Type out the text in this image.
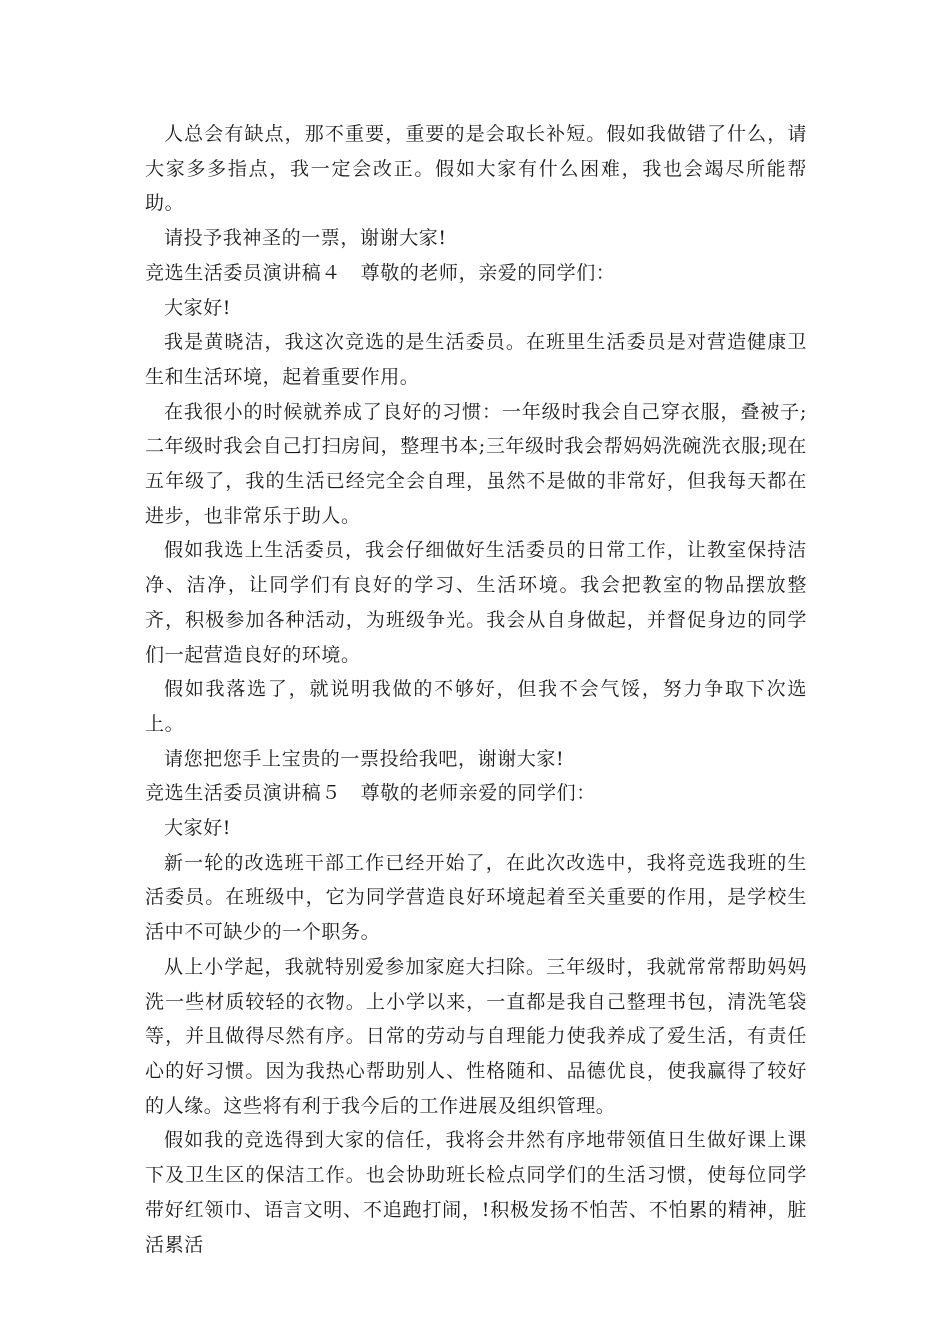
人总会有缺点，那不重要，重要的是会取长补短。假如我做错了什么，请大家多多指点，我一定会改正。假如大家有什么困难，我也会竭尽所能帮助。

请投予我神圣的一票，谢谢大家!

竞选生活委员演讲稿４　尊敬的老师，亲爱的同学们：

大家好!

我是黄晓洁，我这次竞选的是生活委员。在班里生活委员是对营造健康卫生和生活环境，起着重要作用。

在我很小的时候就养成了良好的习惯：一年级时我会自己穿衣服，叠被子;二年级时我会自己打扫房间，整理书本;三年级时我会帮妈妈洗碗洗衣服;现在五年级了，我的生活已经完全会自理，虽然不是做的非常好，但我每天都在进步，也非常乐于助人。

假如我选上生活委员，我会仔细做好生活委员的日常工作，让教室保持洁净、洁净，让同学们有良好的学习、生活环境。我会把教室的物品摆放整齐，积极参加各种活动，为班级争光。我会从自身做起，并督促身边的同学们一起营造良好的环境。

假如我落选了，就说明我做的不够好，但我不会气馁，努力争取下次选上。

请您把您手上宝贵的一票投给我吧，谢谢大家!

竞选生活委员演讲稿５　尊敬的老师亲爱的同学们：

大家好!

新一轮的改选班干部工作已经开始了，在此次改选中，我将竞选我班的生活委员。在班级中，它为同学营造良好环境起着至关重要的作用，是学校生活中不可缺少的一个职务。

从上小学起，我就特别爱参加家庭大扫除。三年级时，我就常常帮助妈妈洗一些材质较轻的衣物。上小学以来，一直都是我自己整理书包，清洗笔袋等，并且做得尽然有序。日常的劳动与自理能力使我养成了爱生活，有责任心的好习惯。因为我热心帮助别人、性格随和、品德优良，使我赢得了较好的人缘。这些将有利于我今后的工作进展及组织管理。

假如我的竞选得到大家的信任，我将会井然有序地带领值日生做好课上课下及卫生区的保洁工作。也会协助班长检点同学们的生活习惯，使每位同学带好红领巾、语言文明、不追跑打闹，!积极发扬不怕苦、不怕累的精神，脏活累活
